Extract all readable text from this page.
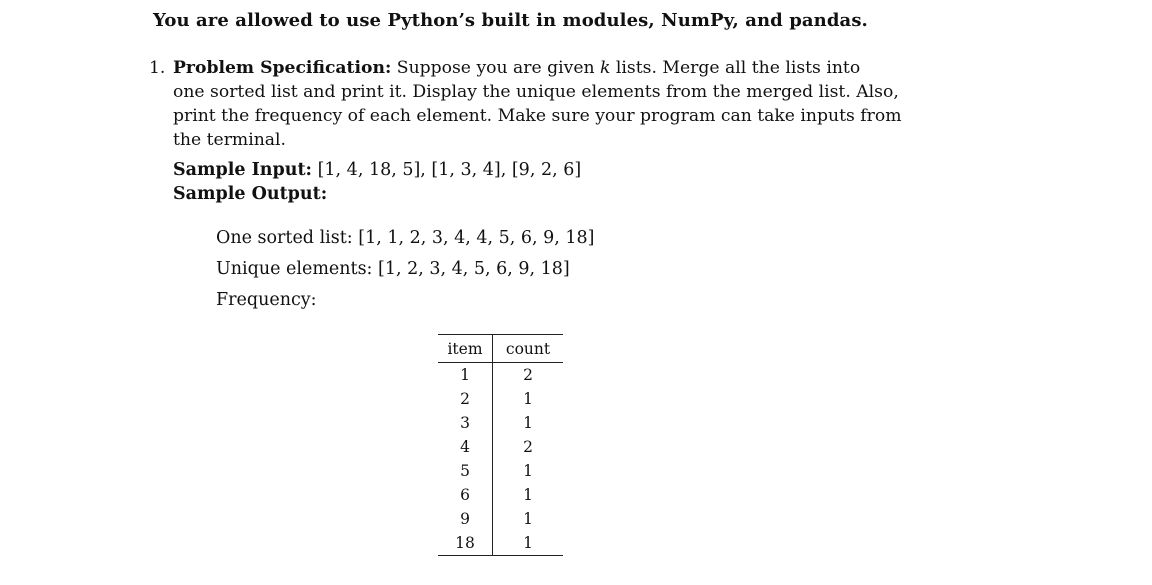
You are allowed to use Python’s built in modules, NumPy, and pandas.
1. Problem Specification: Suppose you are given k lists. Merge all the lists into
one sorted list and print it. Display the unique elements from the merged list. Also,
print the frequency of each element. Make sure your program can take inputs from
the terminal.
Sample Input: [1, 4, 18, 5], [1, 3, 4], [9, 2, 6]
Sample Output:
One sorted list: [1, 1, 2, 3, 4, 4, 5, 6, 9, 18]
Unique elements: [1, 2, 3, 4, 5, 6, 9, 18]
Frequency:
item	count
1	2
2	1
3	1
4	2
5	1
6	1
9	1
18	1
